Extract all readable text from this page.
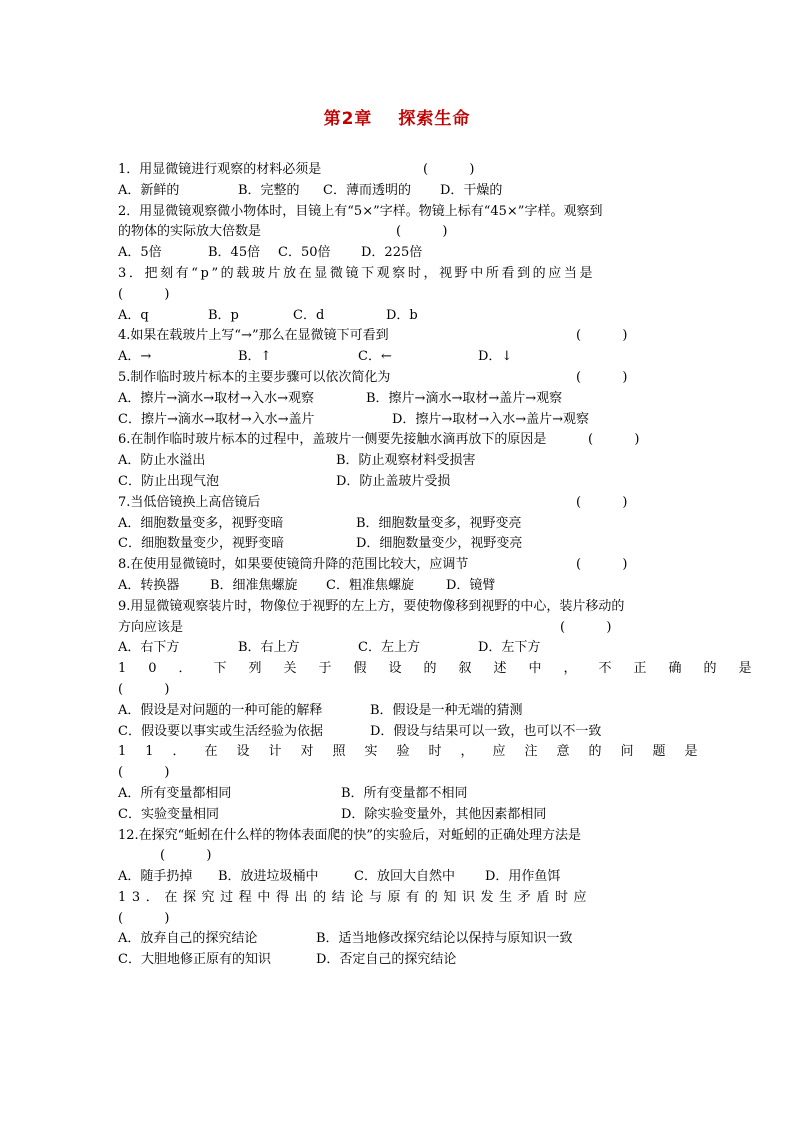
第2章 探索生命
1．用显微镜进行观察的材料必须是	(          )
A．新鲜的	B．完整的 C．薄而透明的 D．干燥的
2．用显微镜观察微小物体时，目镜上有“5×”字样。物镜上标有“45×”字样。观察到
的物体的实际放大倍数是	(          )
A．5倍	B．45倍 C．50倍 D．225倍
3．把刻有“p”的载玻片放在显微镜下观察时，视野中所看到的应当是
(          )
A．q	B．p	C．d	D．b
4.如果在载玻片上写“→”那么在显微镜下可看到	(          )
A．→	B．↑	C．←	D．↓
5.制作临时玻片标本的主要步骤可以依次简化为	(          )
A．擦片→滴水→取材→入水→观察	B．擦片→滴水→取材→盖片→观察
C．擦片→滴水→取材→入水→盖片	D．擦片→取材→入水→盖片→观察
6.在制作临时玻片标本的过程中，盖玻片一侧要先接触水滴再放下的原因是	(          )
A．防止水溢出	B．防止观察材料受损害
C．防止出现气泡	D．防止盖玻片受损
7.当低倍镜换上高倍镜后	(          )
A．细胞数量变多，视野变暗	B．细胞数量变多，视野变亮
C．细胞数量变少，视野变暗	D．细胞数量变少，视野变亮
8.在使用显微镜时，如果要使镜筒升降的范围比较大，应调节	(          )
A．转换器 B．细准焦螺旋 C．粗准焦螺旋 D．镜臂
9.用显微镜观察装片时，物像位于视野的左上方，要使物像移到视野的中心，装片移动的
方向应该是	(          )
A．右下方	B．右上方	C．左上方	D．左下方
10．下列关于假设的叙述中，不正确的是
(          )
A．假设是对问题的一种可能的解释	B．假设是一种无端的猜测
C．假设要以事实或生活经验为依据	D．假设与结果可以一致，也可以不一致
11．在设计对照实验时，应注意的问题是
(          )
A．所有变量都相同	B．所有变量都不相同
C．实验变量相同	D．除实验变量外，其他因素都相同
12.在探究“蚯蚓在什么样的物体表面爬的快”的实验后，对蚯蚓的正确处理方法是
(          )
A．随手扔掉 B．放进垃圾桶中	C．放回大自然中 D．用作鱼饵
13．在探究过程中得出的结论与原有的知识发生矛盾时应
(          )
A．放弃自己的探究结论	B．适当地修改探究结论以保持与原知识一致
C．大胆地修正原有的知识	D．否定自己的探究结论
